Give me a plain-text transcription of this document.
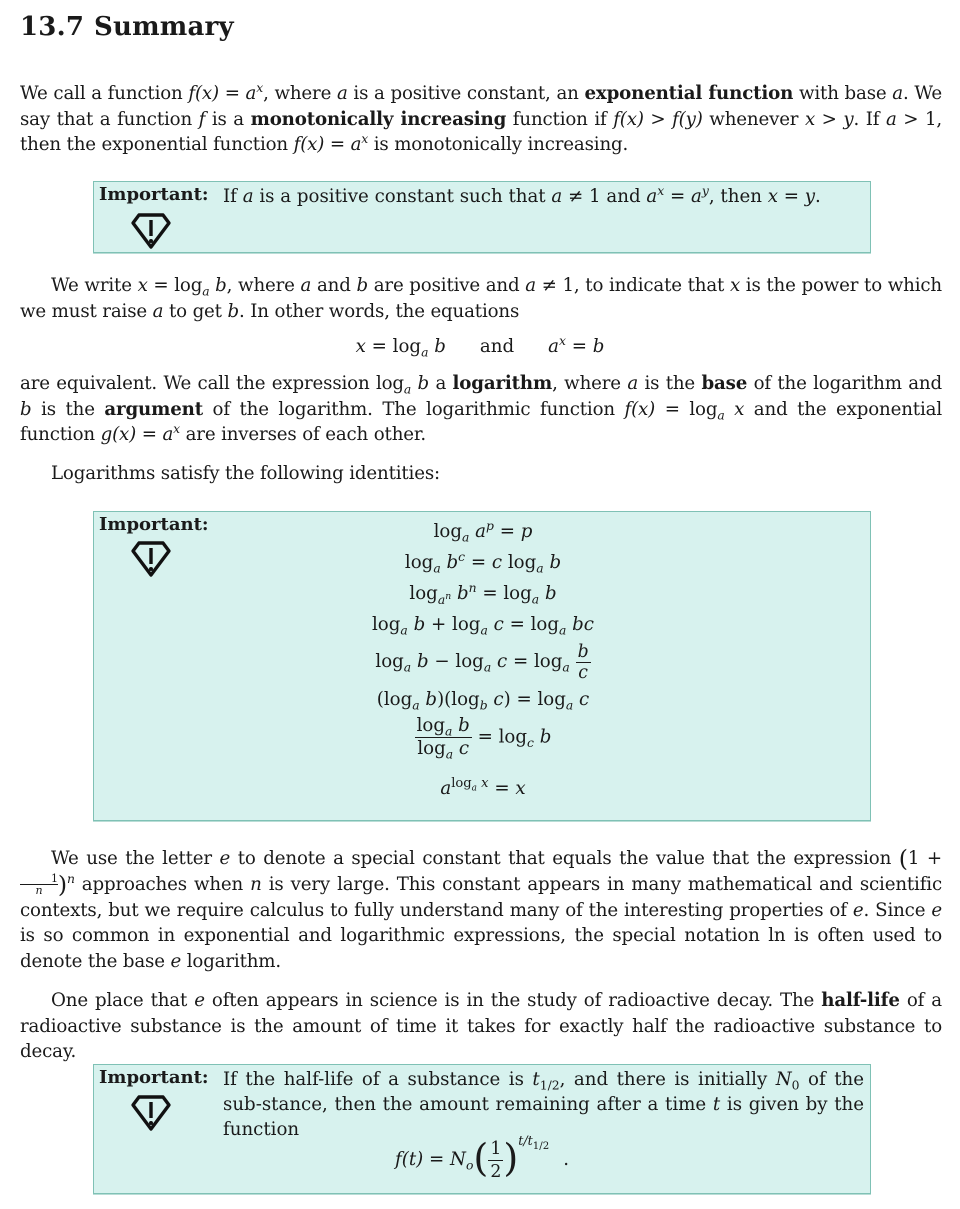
13.7 Summary
We call a function $f(x) = a^x$, where a is a positive constant, an exponential function with base a. We say that a function f is a monotonically increasing function if f(x) > f(y) whenever x > y. If a > 1, then the exponential function $f(x) = a^x$ is monotonically increasing.
Important: If a is a positive constant such that a ≠ 1 and $a^x = a^y$, then x = y.
We write $x = \log_a b$, where a and b are positive and a ≠ 1, to indicate that x is the power to which we must raise a to get b. In other words, the equations
$x = \log_a b$ and $a^x = b$
are equivalent. We call the expression $\log_a b$ a logarithm, where a is the base of the logarithm and b is the argument of the logarithm. The logarithmic function $f(x) = \log_a x$ and the exponential function $g(x) = a^x$ are inverses of each other.
Logarithms satisfy the following identities:
Important:	$\log_a a^p = p$
$\log_a b^c = c$ $\log_a b$
$\log_{a^n} b^n = \log_a b$
$\log_a b + \log_a c = \log_a$ bc
$\log_a b - \log_a c = \log_a \frac{b}{c}$
($\log_a$ $b)(\log_b$ $c) = \log_a c$
$\frac{\log_a b}{\log_a c} = \log_c b$
$a^{log_a x} = x$
We use the letter e to denote a special constant that equals the value that the expression (1 +
$\frac{1}{n})^n$ approaches when n is very large. This constant appears in many mathematical and scientific contexts, but we require calculus to fully understand many of the interesting properties of e. Since e is so common in exponential and logarithmic expressions, the special notation ln is often used to denote the base e logarithm.
One place that e often appears in science is in the study of radioactive decay. The half-life of a radioactive substance is the amount of time it takes for exactly half the radioactive substance to decay.
Important: If the half-life of a substance is $t_{1/2}$, and there is initially $N_0$ of the sub-stance, then the amount remaining after a time t is given by the function
$f(t) = N_o( \frac{1}{2} )^{t/t_{1/2}}$.
